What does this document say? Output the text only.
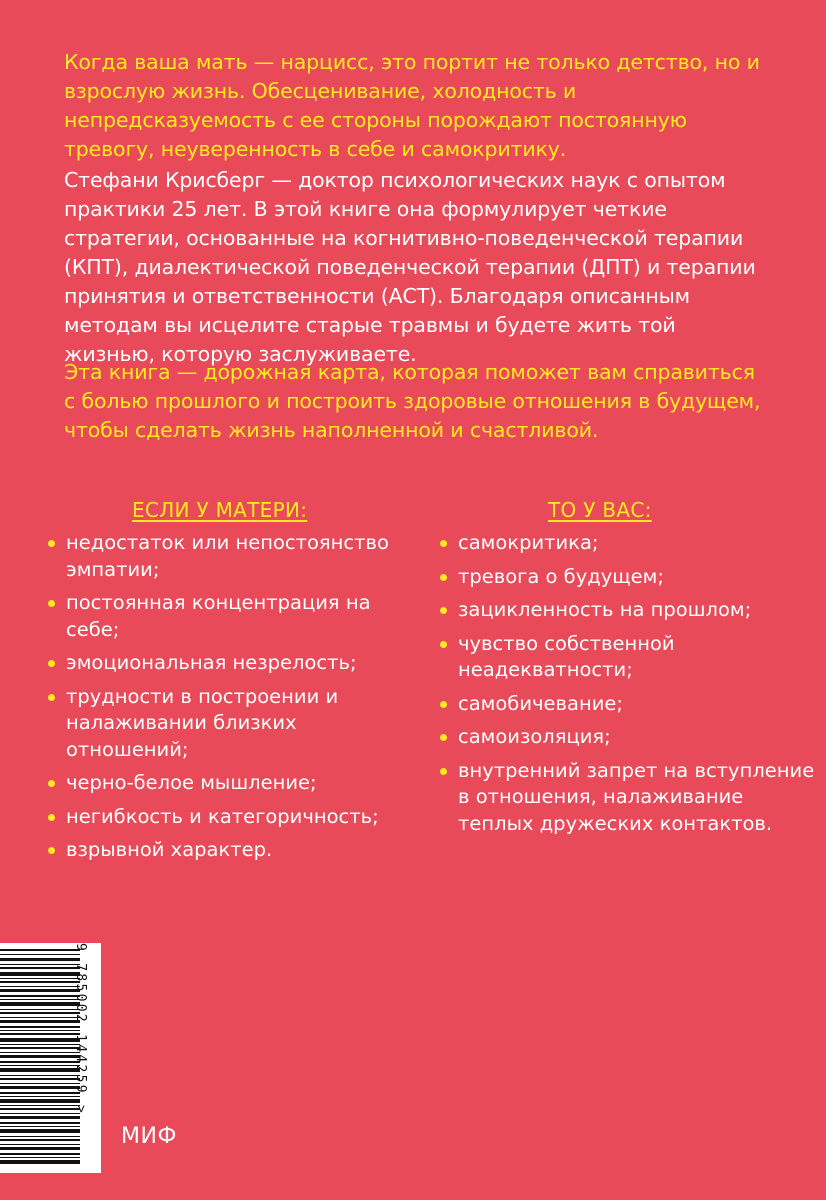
Когда ваша мать — нарцисс, это портит не только детство, но и взрослую жизнь. Обесценивание, холодность и непредсказуемость с ее стороны порождают постоянную тревогу, неуверенность в себе и самокритику.

Стефани Крисберг — доктор психологических наук с опытом практики 25 лет. В этой книге она формулирует четкие стратегии, основанные на когнитивно-поведенческой терапии (КПТ), диалектической поведенческой терапии (ДПТ) и терапии принятия и ответственности (АСТ). Благодаря описанным методам вы исцелите старые травмы и будете жить той жизнью, которую заслуживаете.

Эта книга — дорожная карта, которая поможет вам справиться с болью прошлого и построить здоровые отношения в будущем, чтобы сделать жизнь наполненной и счастливой.

ЕСЛИ У МАТЕРИ:	ТО У ВАС:
недостаток или непостоянство эмпатии;
постоянная концентрация на себе;
эмоциональная незрелость;
трудности в построении и налаживании близких отношений;
черно-белое мышление;
негибкость и категоричность;
взрывной характер.
самокритика;
тревога о будущем;
зацикленность на прошлом;
чувство собственной неадекватности;
самобичевание;
самоизоляция;
внутренний запрет на вступление в отношения, налаживание теплых дружеских контактов.
9 785002 144259 >
МИФ
